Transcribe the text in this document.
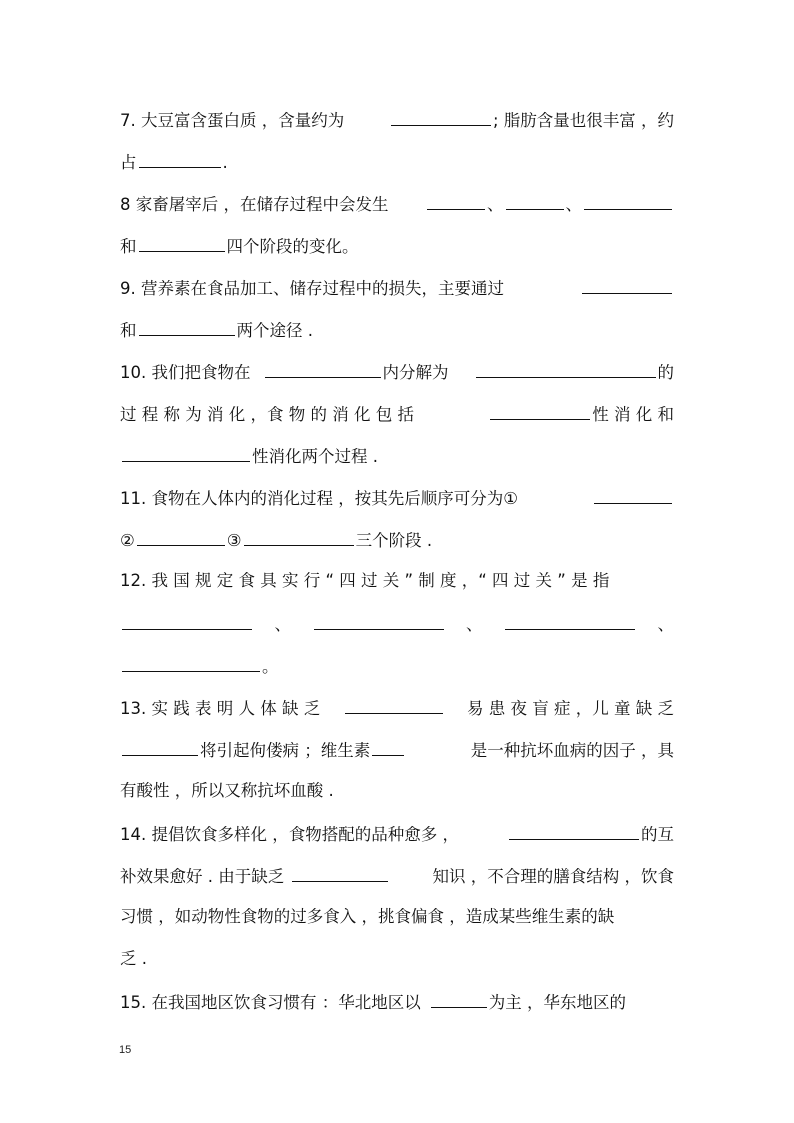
7. 大豆富含蛋白质 ，含量约为	; 脂肪含量也很丰富 ，约
占	.
8 家畜屠宰后 ，在储存过程中会发生	、	、
和	四个阶段的变化。
9. 营养素在食品加工、储存过程中的损失，主要通过
和	两个途径 .
10. 我们把食物在	内分解为	的
过 程 称 为 消 化 ，食 物 的 消 化 包 括	性 消 化 和
性消化两个过程 .
11. 食物在人体内的消化过程 ，按其先后顺序可分为①
②	③	三个阶段 .
12. 我 国 规 定 食 具 实 行 “ 四 过 关 ” 制 度 ，“ 四 过 关 ” 是 指
、	、	、
。
13. 实 践 表 明 人 体 缺 乏	易 患 夜 盲 症 ，儿 童 缺 乏
将引起佝偻病 ；维生素	是一种抗坏血病的因子 ，具
有酸性 ，所以又称抗坏血酸 .
14. 提倡饮食多样化 ，食物搭配的品种愈多 ，	的互
补效果愈好 . 由于缺乏	知识 ，不合理的膳食结构 ，饮食
习惯 ，如动物性食物的过多食入 ，挑食偏食 ，造成某些维生素的缺
乏 .
15. 在我国地区饮食习惯有 ：华北地区以	为主 ，华东地区的
15
